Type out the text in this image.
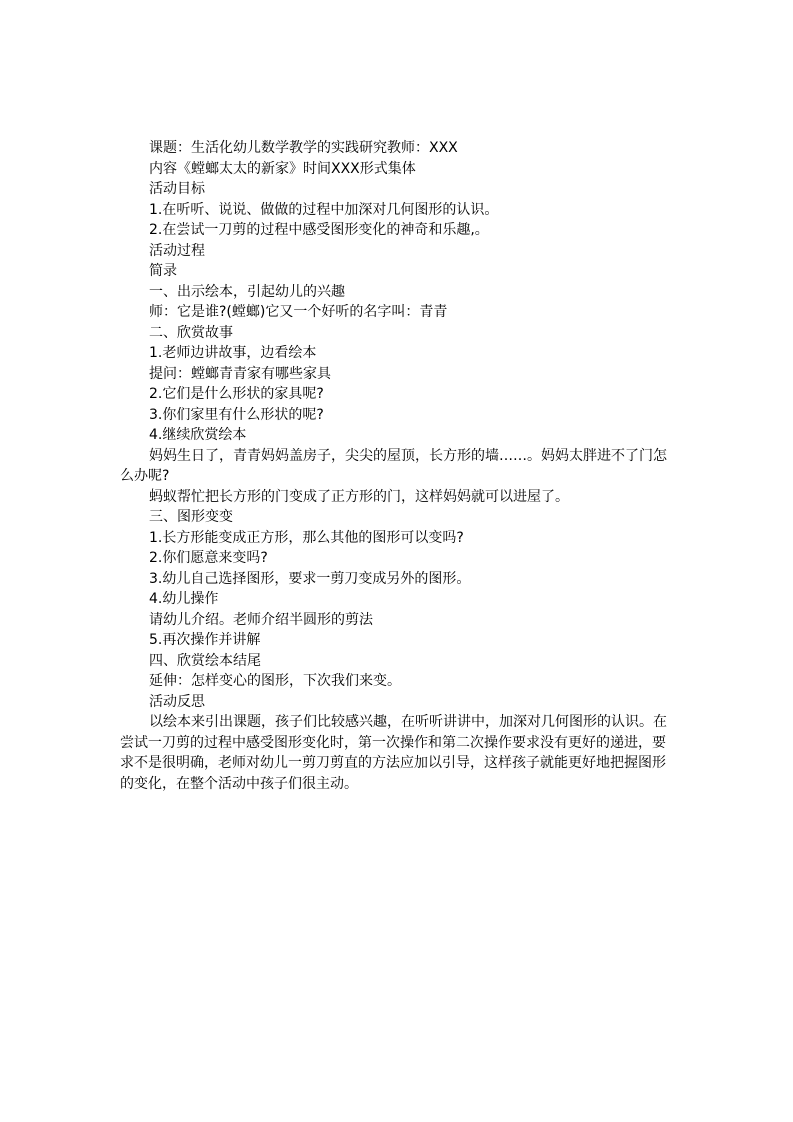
课题：生活化幼儿数学教学的实践研究教师：XXX

内容《螳螂太太的新家》时间XXX形式集体

活动目标

1.在听听、说说、做做的过程中加深对几何图形的认识。

2.在尝试一刀剪的过程中感受图形变化的神奇和乐趣,。

活动过程

简录

一、出示绘本，引起幼儿的兴趣

师：它是谁?(螳螂)它又一个好听的名字叫：青青

二、欣赏故事

1.老师边讲故事，边看绘本

提问：螳螂青青家有哪些家具

2.它们是什么形状的家具呢?

3.你们家里有什么形状的呢?

4.继续欣赏绘本

妈妈生日了，青青妈妈盖房子，尖尖的屋顶，长方形的墙……。妈妈太胖进不了门怎么办呢?

蚂蚁帮忙把长方形的门变成了正方形的门，这样妈妈就可以进屋了。

三、图形变变

1.长方形能变成正方形，那么其他的图形可以变吗?

2.你们愿意来变吗?

3.幼儿自己选择图形，要求一剪刀变成另外的图形。

4.幼儿操作

请幼儿介绍。老师介绍半圆形的剪法

5.再次操作并讲解

四、欣赏绘本结尾

延伸：怎样变心的图形，下次我们来变。

活动反思

以绘本来引出课题，孩子们比较感兴趣，在听听讲讲中，加深对几何图形的认识。在尝试一刀剪的过程中感受图形变化时，第一次操作和第二次操作要求没有更好的递进，要求不是很明确，老师对幼儿一剪刀剪直的方法应加以引导，这样孩子就能更好地把握图形的变化，在整个活动中孩子们很主动。
